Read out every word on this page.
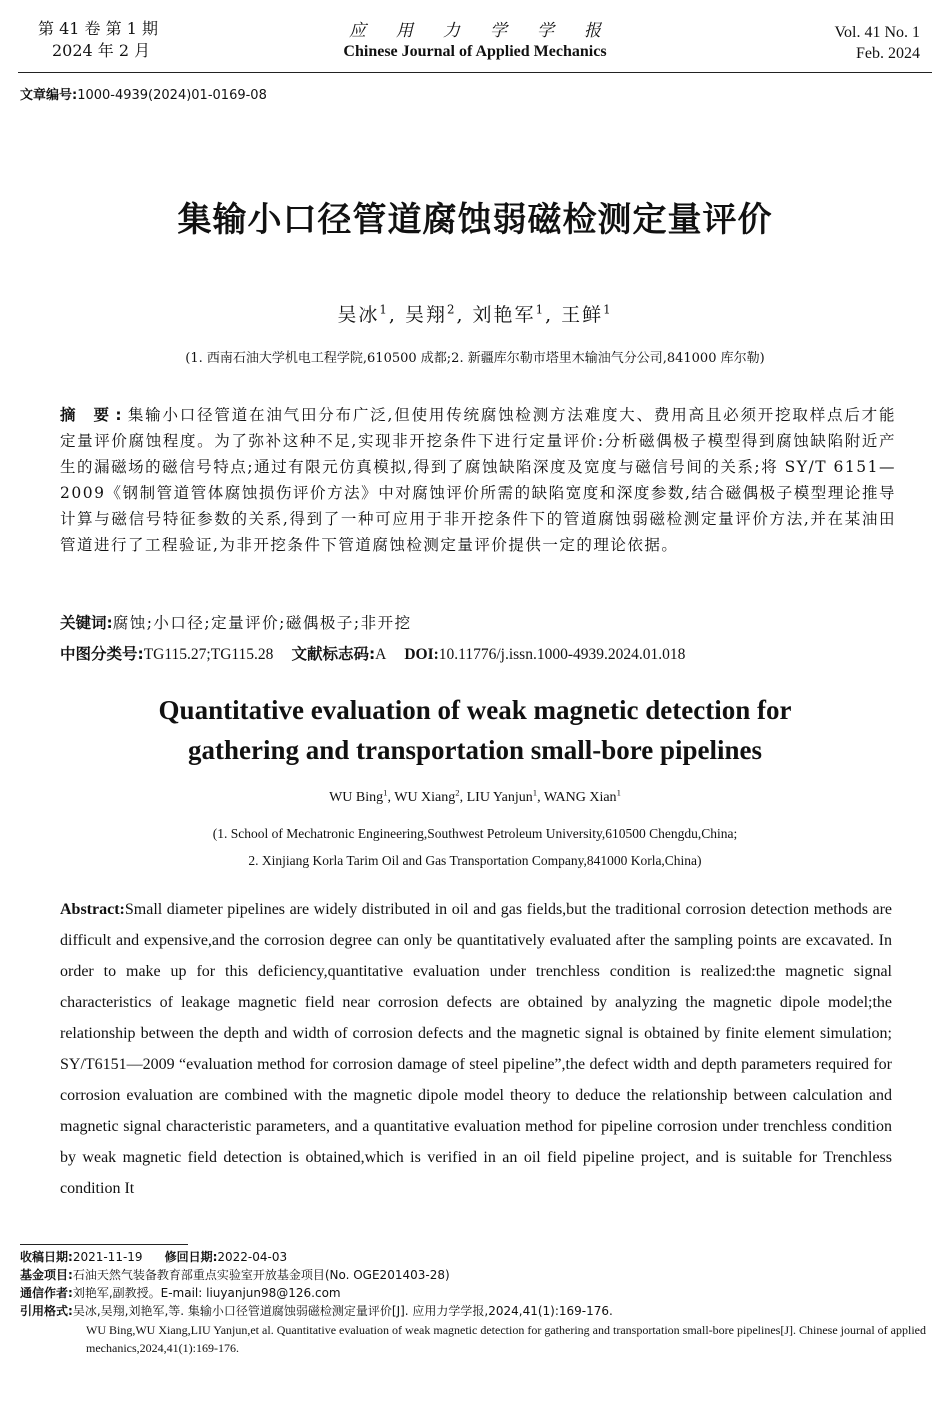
第 41 卷 第 1 期
2024 年 2 月
应用力学学报
Chinese Journal of Applied Mechanics
Vol. 41 No. 1
Feb. 2024
文章编号:1000-4939(2024)01-0169-08
集输小口径管道腐蚀弱磁检测定量评价
吴冰$^1$, 吴翔$^2$, 刘艳军$^1$, 王鲜$^1$
(1. 西南石油大学机电工程学院,610500 成都;2. 新疆库尔勒市塔里木输油气分公司,841000 库尔勒)
摘 要:集输小口径管道在油气田分布广泛,但使用传统腐蚀检测方法难度大、费用高且必须开挖取样点后才能定量评价腐蚀程度。为了弥补这种不足,实现非开挖条件下进行定量评价:分析磁偶极子模型得到腐蚀缺陷附近产生的漏磁场的磁信号特点;通过有限元仿真模拟,得到了腐蚀缺陷深度及宽度与磁信号间的关系;将 SY/T 6151—2009《钢制管道管体腐蚀损伤评价方法》中对腐蚀评价所需的缺陷宽度和深度参数,结合磁偶极子模型理论推导计算与磁信号特征参数的关系,得到了一种可应用于非开挖条件下的管道腐蚀弱磁检测定量评价方法,并在某油田管道进行了工程验证,为非开挖条件下管道腐蚀检测定量评价提供一定的理论依据。
关键词:腐蚀;小口径;定量评价;磁偶极子;非开挖
中图分类号:TG115.27;TG115.28 文献标志码:A DOI:10.11776/j.issn.1000-4939.2024.01.018
Quantitative evaluation of weak magnetic detection for
gathering and transportation small-bore pipelines
WU Bing$^1$, WU Xiang$^2$, LIU Yanjun$^1$, WANG Xian$^1$
(1. School of Mechatronic Engineering,Southwest Petroleum University,610500 Chengdu,China;
2. Xinjiang Korla Tarim Oil and Gas Transportation Company,841000 Korla,China)
Abstract:Small diameter pipelines are widely distributed in oil and gas fields,but the traditional corrosion detection methods are difficult and expensive,and the corrosion degree can only be quantitatively evaluated after the sampling points are excavated. In order to make up for this deficiency,quantitative evaluation under trenchless condition is realized:the magnetic signal characteristics of leakage magnetic field near corrosion defects are obtained by analyzing the magnetic dipole model;the relationship between the depth and width of corrosion defects and the magnetic signal is obtained by finite element simulation; SY/T6151—2009 “evaluation method for corrosion damage of steel pipeline”,the defect width and depth parameters required for corrosion evaluation are combined with the magnetic dipole model theory to deduce the relationship between calculation and magnetic signal characteristic parameters, and a quantitative evaluation method for pipeline corrosion under trenchless condition by weak magnetic field detection is obtained,which is verified in an oil field pipeline project, and is suitable for Trenchless condition It
收稿日期:2021-11-19 修回日期:2022-04-03
基金项目:石油天然气装备教育部重点实验室开放基金项目(No. OGE201403-28)
通信作者:刘艳军,副教授。E-mail: liuyanjun98@126.com
引用格式:吴冰,吴翔,刘艳军,等. 集输小口径管道腐蚀弱磁检测定量评价[J]. 应用力学学报,2024,41(1):169-176.
WU Bing,WU Xiang,LIU Yanjun,et al. Quantitative evaluation of weak magnetic detection for gathering and transportation small-bore pipelines[J]. Chinese journal of applied mechanics,2024,41(1):169-176.
